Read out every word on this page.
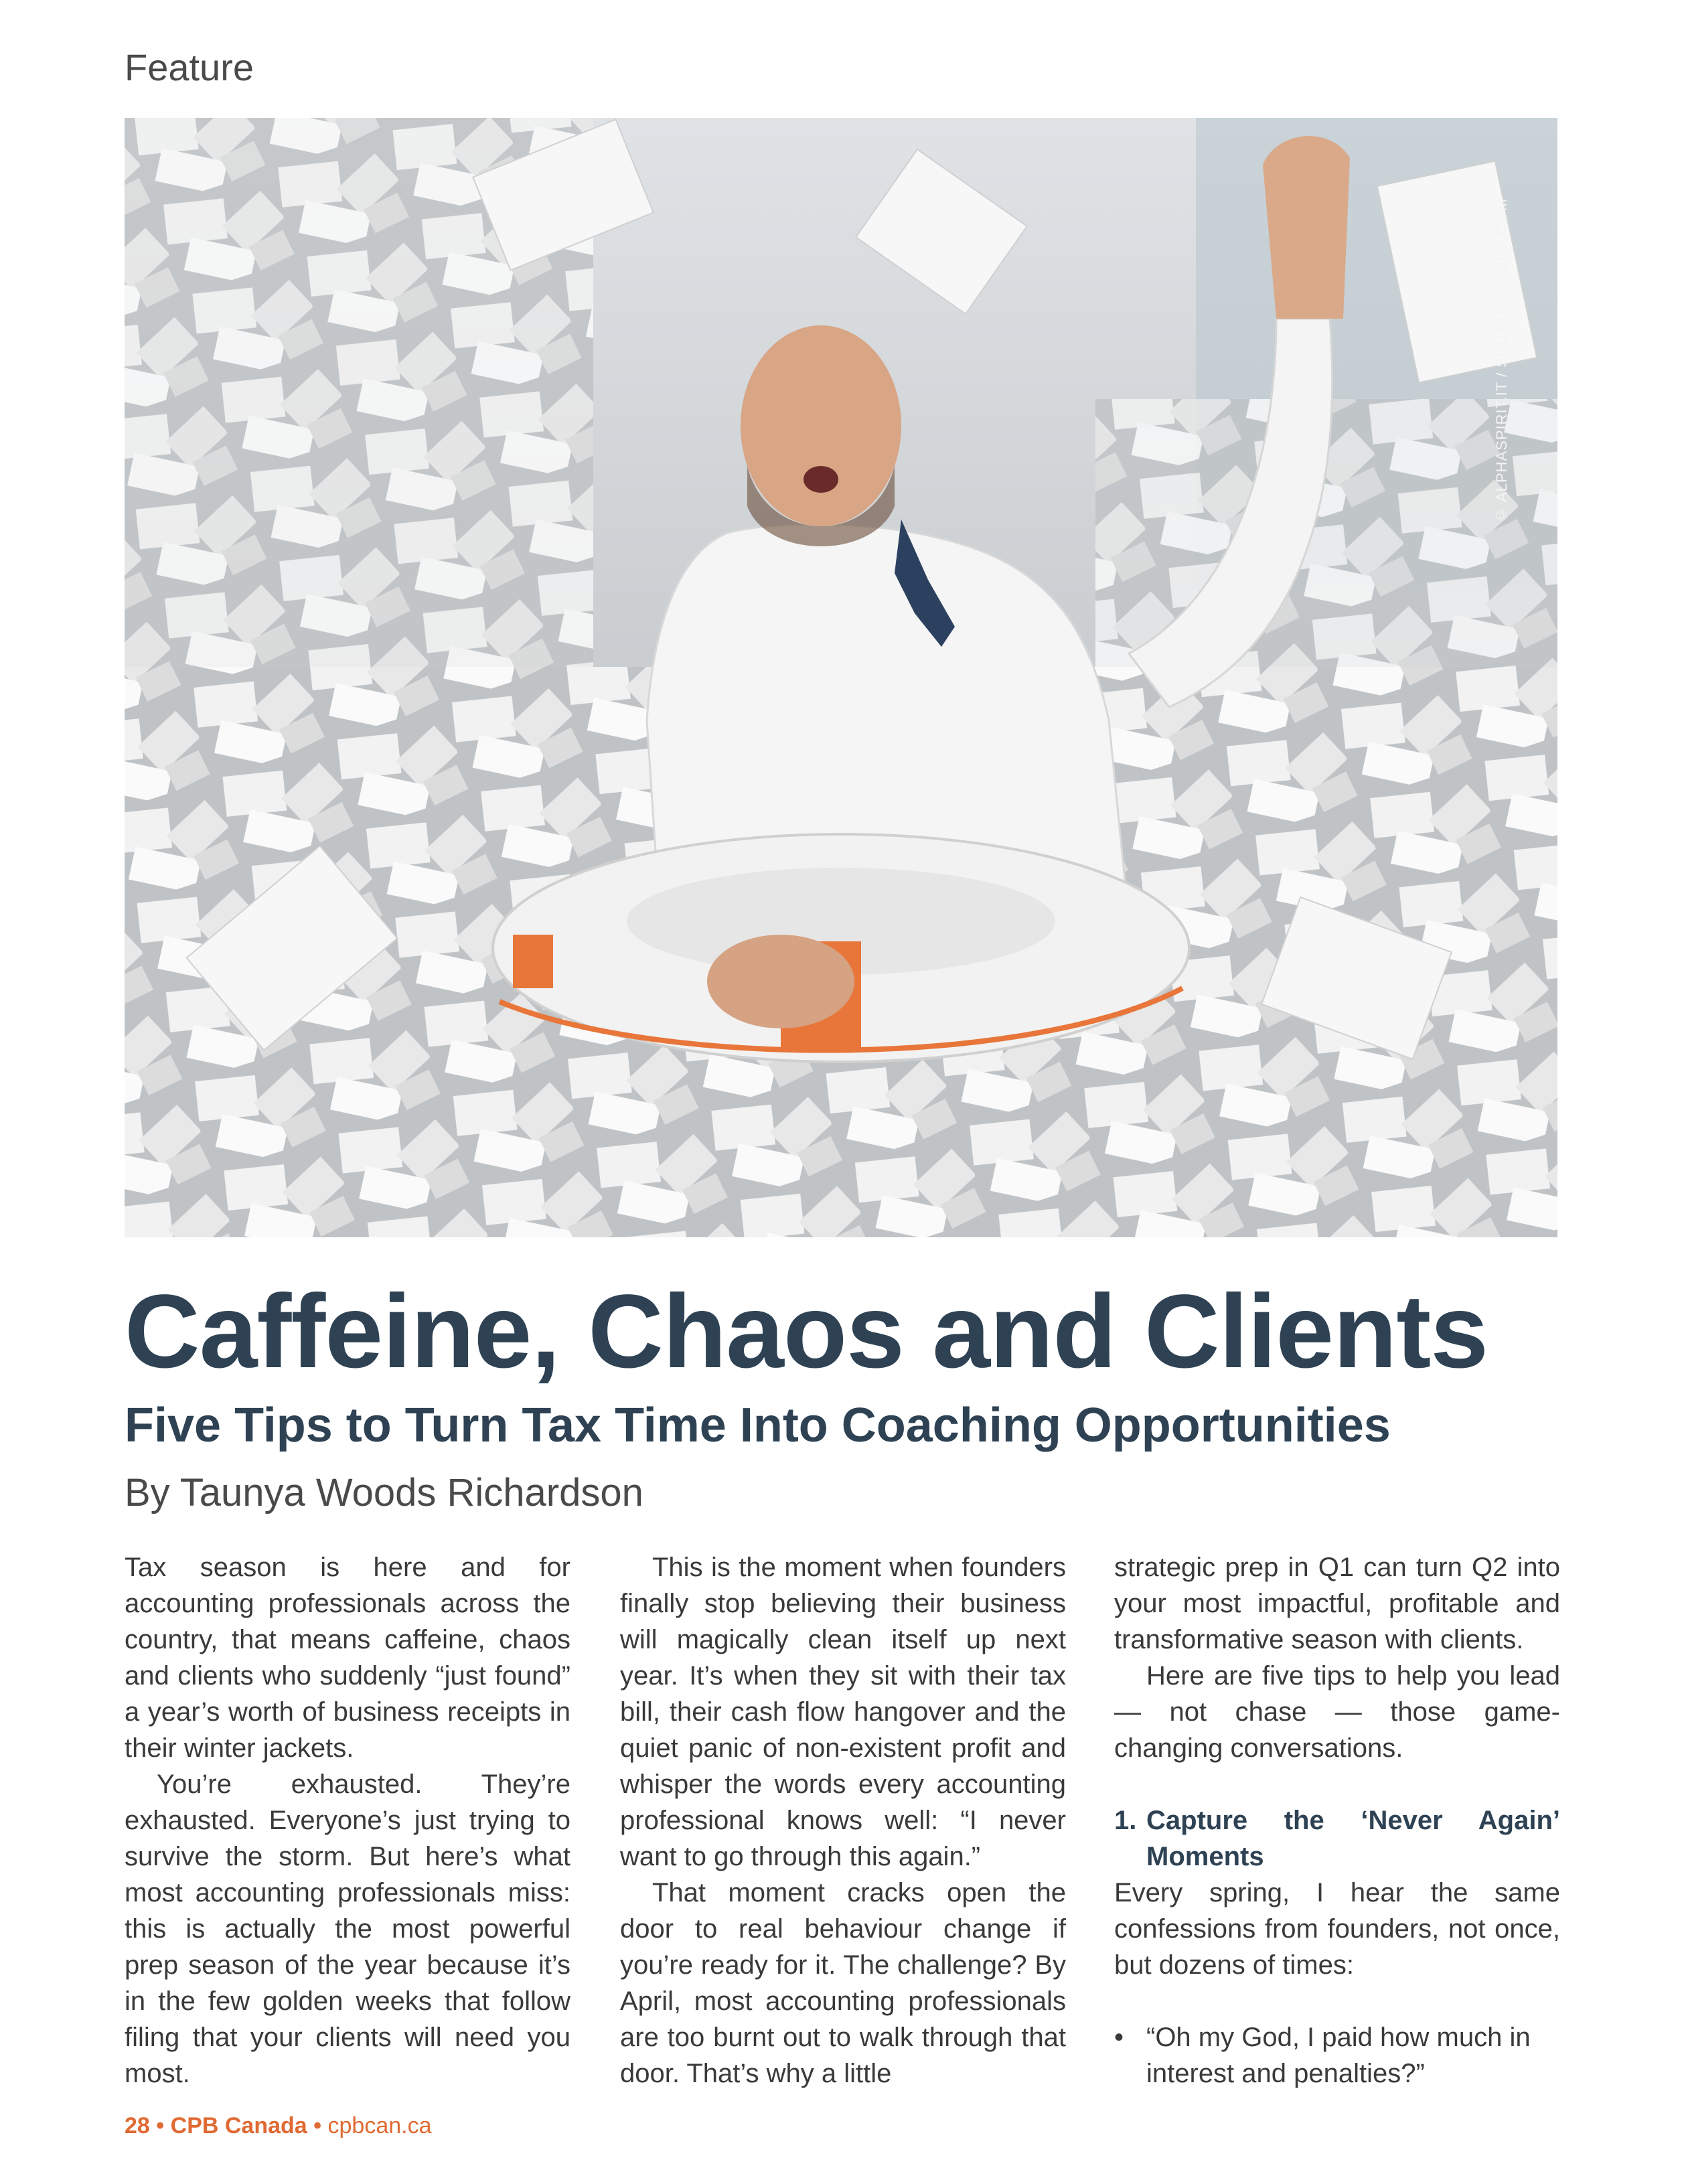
Feature
© ALPHASPIRIT.IT / SHUTTERSTOCK.COM
Caffeine, Chaos and Clients
Five Tips to Turn Tax Time Into Coaching Opportunities
By Taunya Woods Richardson

Tax season is here and for accounting professionals across the country, that means caffeine, chaos and clients who suddenly “just found” a year’s worth of business receipts in their winter jackets.

You’re exhausted. They’re exhausted. Everyone’s just trying to survive the storm. But here’s what most accounting professionals miss: this is actually the most powerful prep season of the year because it’s in the few golden weeks that follow filing that your clients will need you most.

This is the moment when founders finally stop believing their business will magically clean itself up next year. It’s when they sit with their tax bill, their cash flow hangover and the quiet panic of non-existent profit and whisper the words every accounting professional knows well: “I never want to go through this again.”

That moment cracks open the door to real behaviour change if you’re ready for it. The challenge? By April, most accounting professionals are too burnt out to walk through that door. That’s why a little

strategic prep in Q1 can turn Q2 into your most impactful, profitable and transformative season with clients.

Here are five tips to help you lead — not chase — those game-changing conversations.

1. Capture the ‘Never Again’ Moments

Every spring, I hear the same confessions from founders, not once, but dozens of times:

• “Oh my God, I paid how much in interest and penalties?”
28 • CPB Canada • cpbcan.ca
